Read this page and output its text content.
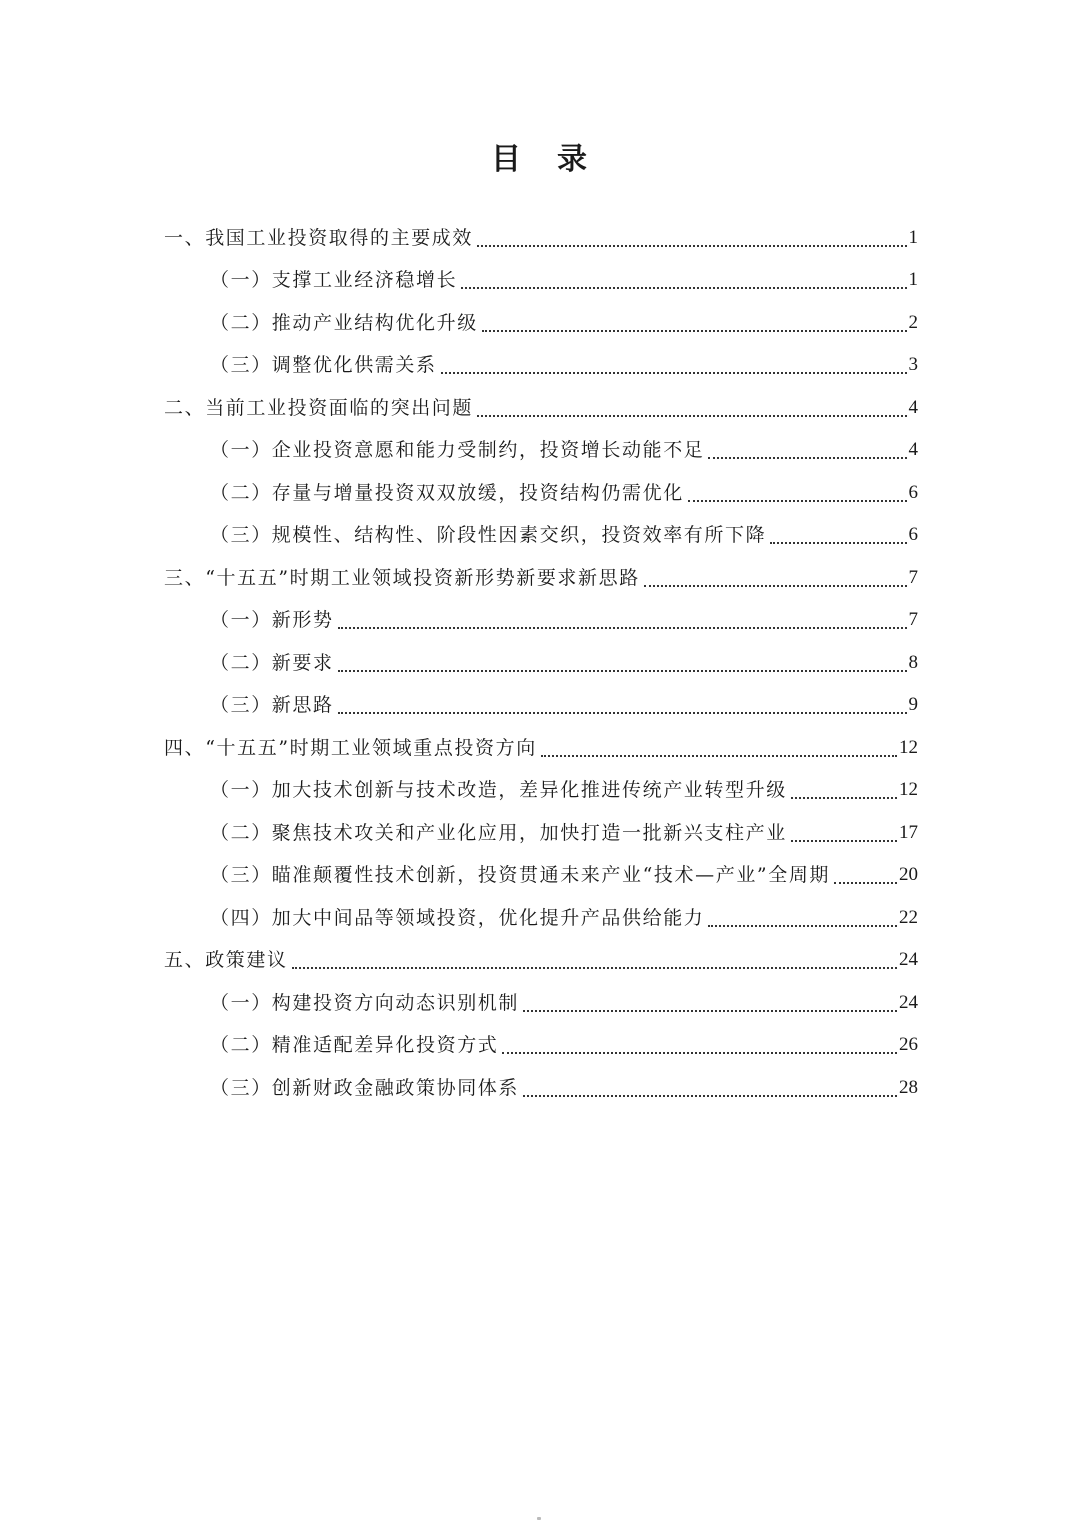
目 录
一、我国工业投资取得的主要成效	1
（一）支撑工业经济稳增长	1
（二）推动产业结构优化升级	2
（三）调整优化供需关系	3
二、当前工业投资面临的突出问题	4
（一）企业投资意愿和能力受制约，投资增长动能不足	4
（二）存量与增量投资双双放缓，投资结构仍需优化	6
（三）规模性、结构性、阶段性因素交织，投资效率有所下降	6
三、“十五五”时期工业领域投资新形势新要求新思路	7
（一）新形势	7
（二）新要求	8
（三）新思路	9
四、“十五五”时期工业领域重点投资方向	12
（一）加大技术创新与技术改造，差异化推进传统产业转型升级	12
（二）聚焦技术攻关和产业化应用，加快打造一批新兴支柱产业	17
（三）瞄准颠覆性技术创新，投资贯通未来产业“技术—产业”全周期	20
（四）加大中间品等领域投资，优化提升产品供给能力	22
五、政策建议	24
（一）构建投资方向动态识别机制	24
（二）精准适配差异化投资方式	26
（三）创新财政金融政策协同体系	28
